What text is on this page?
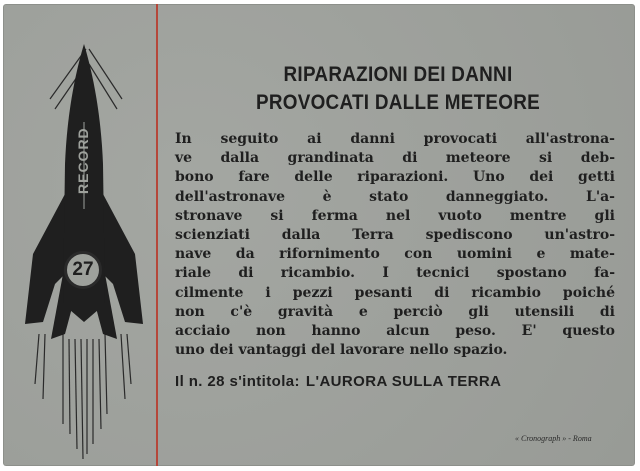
RECORD
27
RIPARAZIONI DEI DANNI
PROVOCATI DALLE METEORE
In seguito ai danni provocati all'astrona-
ve dalla grandinata di meteore si deb-
bono fare delle riparazioni. Uno dei getti
dell'astronave è stato danneggiato. L'a-
stronave si ferma nel vuoto mentre gli
scienziati dalla Terra spediscono un'astro-
nave da rifornimento con uomini e mate-
riale di ricambio. I tecnici spostano fa-
cilmente i pezzi pesanti di ricambio poiché
non c'è gravità e perciò gli utensili di
acciaio non hanno alcun peso. E' questo
uno dei vantaggi del lavorare nello spazio.
Il n. 28 s'intitola: L'AURORA SULLA TERRA
« Cronograph » - Roma
